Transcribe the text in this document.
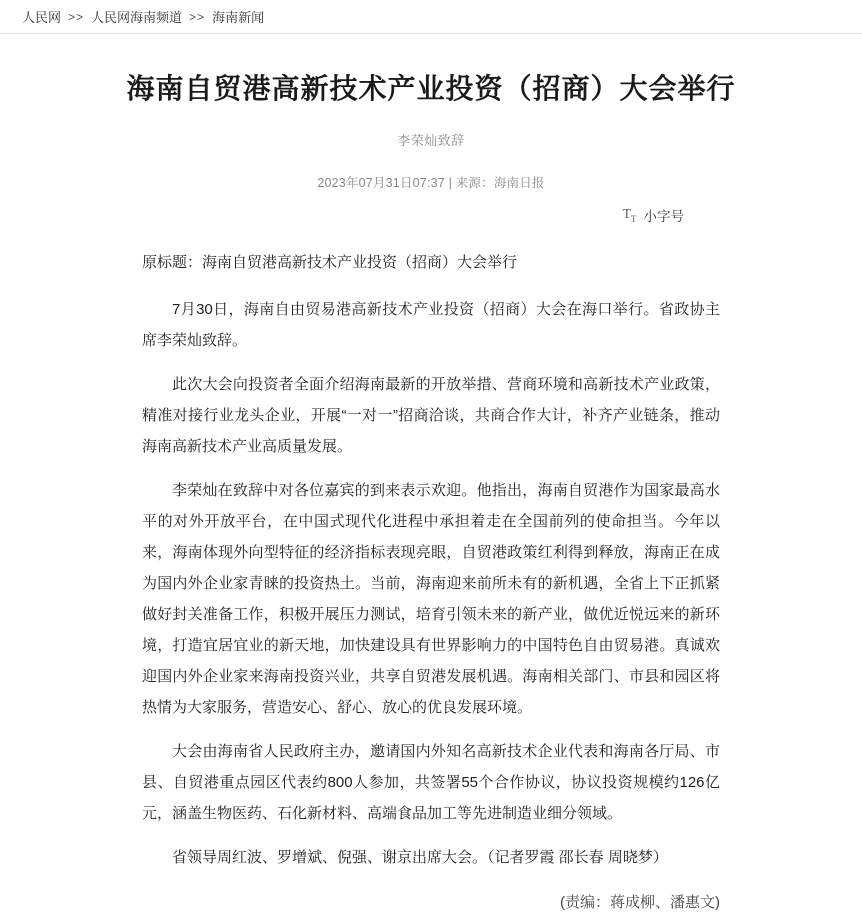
人民网 >> 人民网海南频道 >> 海南新闻
海南自贸港高新技术产业投资（招商）大会举行
李荣灿致辞
2023年07月31日07:37 | 来源：海南日报
$T_T$ 小字号

原标题：海南自贸港高新技术产业投资（招商）大会举行

7月30日，海南自由贸易港高新技术产业投资（招商）大会在海口举行。省政协主席李荣灿致辞。

此次大会向投资者全面介绍海南最新的开放举措、营商环境和高新技术产业政策，精准对接行业龙头企业，开展“一对一”招商洽谈，共商合作大计，补齐产业链条，推动海南高新技术产业高质量发展。

李荣灿在致辞中对各位嘉宾的到来表示欢迎。他指出，海南自贸港作为国家最高水平的对外开放平台，在中国式现代化进程中承担着走在全国前列的使命担当。今年以来，海南体现外向型特征的经济指标表现亮眼，自贸港政策红利得到释放，海南正在成为国内外企业家青睐的投资热土。当前，海南迎来前所未有的新机遇，全省上下正抓紧做好封关准备工作，积极开展压力测试，培育引领未来的新产业，做优近悦远来的新环境，打造宜居宜业的新天地，加快建设具有世界影响力的中国特色自由贸易港。真诚欢迎国内外企业家来海南投资兴业，共享自贸港发展机遇。海南相关部门、市县和园区将热情为大家服务，营造安心、舒心、放心的优良发展环境。

大会由海南省人民政府主办，邀请国内外知名高新技术企业代表和海南各厅局、市县、自贸港重点园区代表约800人参加，共签署55个合作协议，协议投资规模约126亿元，涵盖生物医药、石化新材料、高端食品加工等先进制造业细分领域。

省领导周红波、罗增斌、倪强、谢京出席大会。（记者罗霞 邵长春 周晓梦）

(责编：蒋成柳、潘惠文)
